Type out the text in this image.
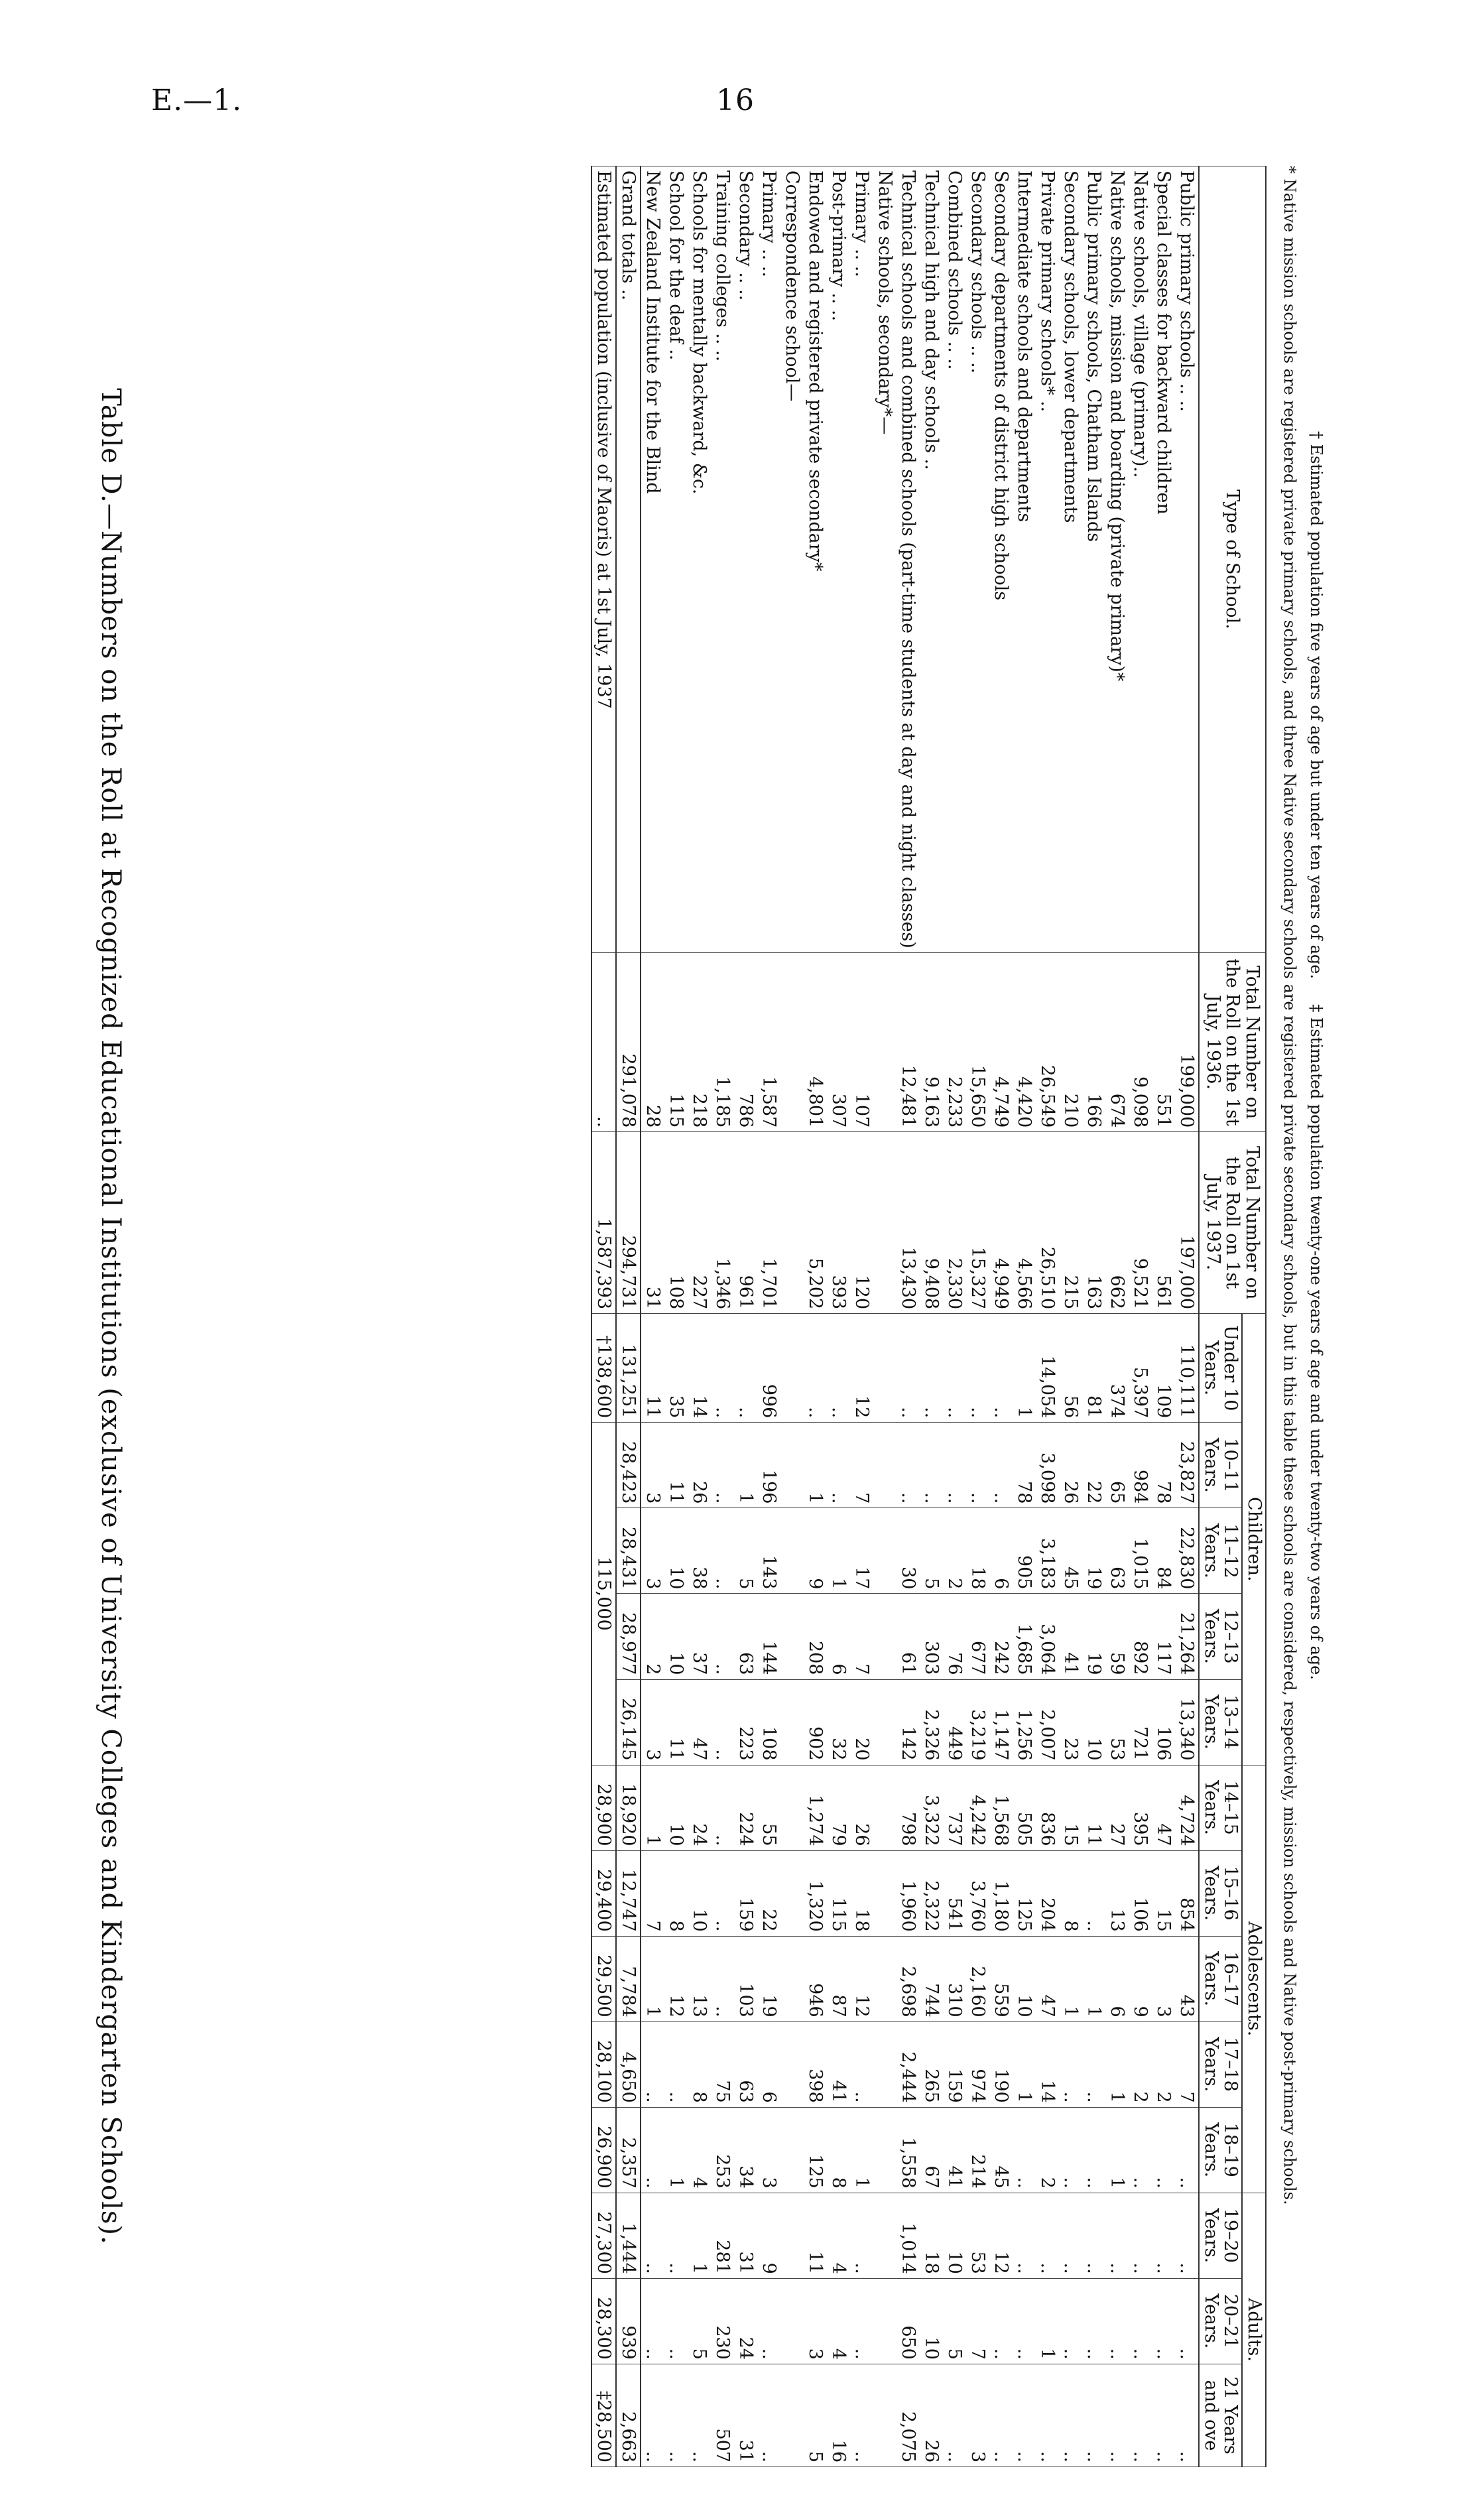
E.—1.	16
Table D.—Numbers on the Roll at Recognized Educational Institutions (exclusive of University Colleges and Kindergarten Schools).	† Estimated population five years of age but under ten years of age.     ‡ Estimated population twenty-one years of age and under twenty-two years of age.
* Native mission schools are registered private primary schools, and three Native secondary schools are registered private secondary schools, but in this table these schools are considered, respectively, mission schools and Native post-primary schools.
Type of School.	Total Number on the Roll on the 1st July, 1936.	Total Number on the Roll on 1st July, 1937.	Children.					Adolescents.					Adults.		
			Under 10 Years.	10–11 Years.	11–12 Years.	12–13 Years.	13–14 Years.	14–15 Years.	15–16 Years.	16–17 Years.	17–18 Years.	18–19 Years.	19–20 Years.	20–21 Years.	21 Years and ove
Public primary schools .. ..	199,000	197,000	110,111	23,827	22,830	21,264	13,340	4,724	854	43	7	..	..	..	..
Special classes for backward children	551	561	109	78	84	117	106	47	15	3	2	..	..	..	..
Native schools, village (primary)..	9,098	9,521	5,397	984	1,015	892	721	395	106	9	2	..	..	..	..
Native schools, mission and boarding (private primary)*	674	662	374	65	63	59	53	27	13	6	1	1	..	..	..
Public primary schools, Chatham Islands	166	163	81	22	19	19	10	11	..	1	..	..	..	..	..
Secondary schools, lower departments	210	215	56	26	45	41	23	15	8	1	..	..	..	..	..
Private primary schools* ..	26,549	26,510	14,054	3,098	3,183	3,064	2,007	836	204	47	14	2	..	1	..
Intermediate schools and departments	4,420	4,566	1	78	905	1,685	1,256	505	125	10	1	..	..	..	..
Secondary departments of district high schools	4,749	4,949	..	..	6	242	1,147	1,568	1,180	559	190	45	12	..	..
Secondary schools .. ..	15,650	15,327	..	..	18	677	3,219	4,242	3,760	2,160	974	214	53	7	3
Combined schools .. ..	2,233	2,330	..	..	2	76	449	737	541	310	159	41	10	5	..
Technical high and day schools ..	9,163	9,408	..	..	5	303	2,326	3,322	2,322	744	265	67	18	10	26
Technical schools and combined schools (part-time students at day and night classes)	12,481	13,430	..	..	30	61	142	798	1,960	2,698	2,444	1,558	1,014	650	2,075
Native schools, secondary*—															
Primary .. ..	107	120	12	7	17	7	20	26	18	12	..	1	..	..	..
Post-primary .. ..	307	393	..	..	1	6	32	79	115	87	41	8	4	4	16
Endowed and registered private secondary*	4,801	5,202	..	1	9	208	902	1,274	1,320	946	398	125	11	3	5
Correspondence school—															
Primary .. ..	1,587	1,701	996	196	143	144	108	55	22	19	6	3	9	..	..
Secondary .. ..	786	961	..	1	5	63	223	224	159	103	63	34	31	24	31
Training colleges .. ..	1,185	1,346	..	..	..	..	..	..	..	..	75	253	281	230	507
Schools for mentally backward, &c.	218	227	14	26	38	37	47	24	10	13	8	4	1	5	..
School for the deaf ..	115	108	35	11	10	10	11	10	8	12	..	1	..	..	..
New Zealand Institute for the Blind	28	31	11	3	3	2	3	1	7	1	..	..	..	..	..
Grand totals ..	291,078	294,731	131,251	28,423	28,431	28,977	26,145	18,920	12,747	7,784	4,650	2,357	1,444	939	2,663
Estimated population (inclusive of Maoris) at 1st July, 1937	..	1,587,393	†138,600	115,000				28,900	29,400	29,500	28,100	26,900	27,300	28,300	‡28,500
